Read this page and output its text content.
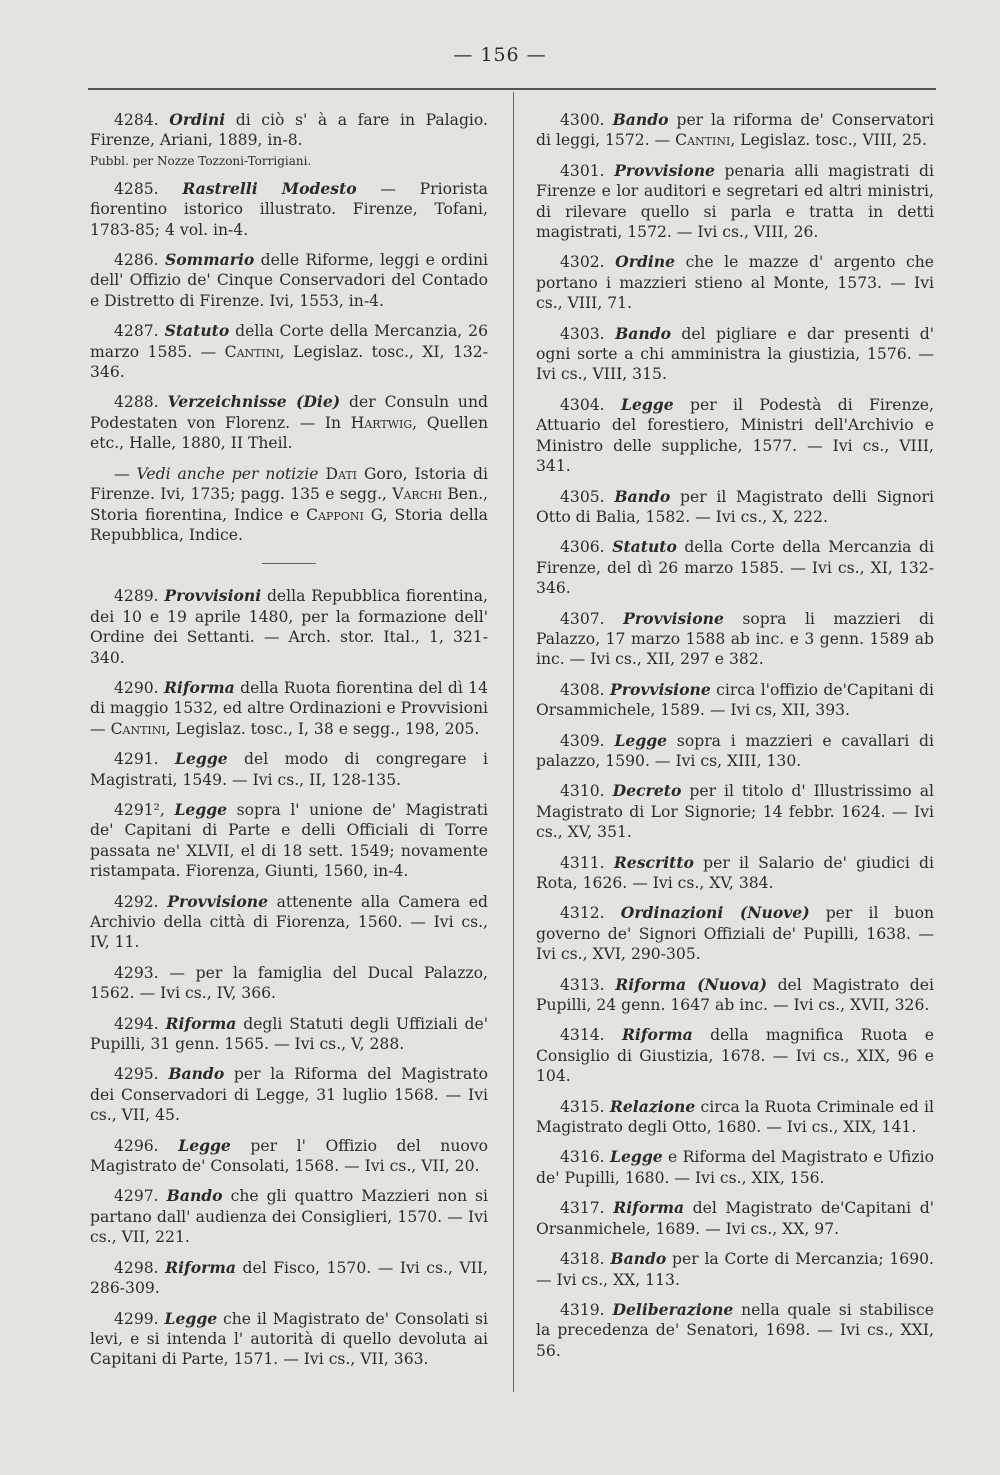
— 156 —

4284. Ordini di ciò s' à a fare in Palagio. Firenze, Ariani, 1889, in-8.

Pubbl. per Nozze Tozzoni-Torrigiani.

4285. Rastrelli Modesto — Priorista fiorentino istorico illustrato. Firenze, Tofani, 1783-85; 4 vol. in-4.

4286. Sommario delle Riforme, leggi e ordini dell' Offizio de' Cinque Conservadori del Contado e Distretto di Firenze. Ivi, 1553, in-4.

4287. Statuto della Corte della Mercanzia, 26 marzo 1585. — Cantini, Legislaz. tosc., XI, 132-346.

4288. Verzeichnisse (Die) der Consuln und Podestaten von Florenz. — In Hartwig, Quellen etc., Halle, 1880, II Theil.

— Vedi anche per notizie Dati Goro, Istoria di Firenze. Ivi, 1735; pagg. 135 e segg., Varchi Ben., Storia fiorentina, Indice e Capponi G, Storia della Repubblica, Indice.

4289. Provvisioni della Repubblica fiorentina, dei 10 e 19 aprile 1480, per la formazione dell' Ordine dei Settanti. — Arch. stor. Ital., 1, 321-340.

4290. Riforma della Ruota fiorentina del dì 14 di maggio 1532, ed altre Ordinazioni e Provvisioni — Cantini, Legislaz. tosc., I, 38 e segg., 198, 205.

4291. Legge del modo di congregare i Magistrati, 1549. — Ivi cs., II, 128-135.

4291², Legge sopra l' unione de' Magistrati de' Capitani di Parte e delli Officiali di Torre passata ne' XLVII, el di 18 sett. 1549; novamente ristampata. Fiorenza, Giunti, 1560, in-4.

4292. Provvisione attenente alla Camera ed Archivio della città di Fiorenza, 1560. — Ivi cs., IV, 11.

4293. — per la famiglia del Ducal Palazzo, 1562. — Ivi cs., IV, 366.

4294. Riforma degli Statuti degli Uffiziali de' Pupilli, 31 genn. 1565. — Ivi cs., V, 288.

4295. Bando per la Riforma del Magistrato dei Conservadori di Legge, 31 luglio 1568. — Ivi cs., VII, 45.

4296. Legge per l' Offizio del nuovo Magistrato de' Consolati, 1568. — Ivi cs., VII, 20.

4297. Bando che gli quattro Mazzieri non si partano dall' audienza dei Consiglieri, 1570. — Ivi cs., VII, 221.

4298. Riforma del Fisco, 1570. — Ivi cs., VII, 286-309.

4299. Legge che il Magistrato de' Consolati si levi, e si intenda l' autorità di quello devoluta ai Capitani di Parte, 1571. — Ivi cs., VII, 363.

4300. Bando per la riforma de' Conservatori di leggi, 1572. — Cantini, Legislaz. tosc., VIII, 25.

4301. Provvisione penaria alli magistrati di Firenze e lor auditori e segretari ed altri ministri, di rilevare quello si parla e tratta in detti magistrati, 1572. — Ivi cs., VIII, 26.

4302. Ordine che le mazze d' argento che portano i mazzieri stieno al Monte, 1573. — Ivi cs., VIII, 71.

4303. Bando del pigliare e dar presenti d' ogni sorte a chi amministra la giustizia, 1576. — Ivi cs., VIII, 315.

4304. Legge per il Podestà di Firenze, Attuario del forestiero, Ministri dell'Archivio e Ministro delle suppliche, 1577. — Ivi cs., VIII, 341.

4305. Bando per il Magistrato delli Signori Otto di Balia, 1582. — Ivi cs., X, 222.

4306. Statuto della Corte della Mercanzia di Firenze, del dì 26 marzo 1585. — Ivi cs., XI, 132-346.

4307. Provvisione sopra li mazzieri di Palazzo, 17 marzo 1588 ab inc. e 3 genn. 1589 ab inc. — Ivi cs., XII, 297 e 382.

4308. Provvisione circa l'offizio de'Capitani di Orsammichele, 1589. — Ivi cs, XII, 393.

4309. Legge sopra i mazzieri e cavallari di palazzo, 1590. — Ivi cs, XIII, 130.

4310. Decreto per il titolo d' Illustrissimo al Magistrato di Lor Signorie; 14 febbr. 1624. — Ivi cs., XV, 351.

4311. Rescritto per il Salario de' giudici di Rota, 1626. — Ivi cs., XV, 384.

4312. Ordinazioni (Nuove) per il buon governo de' Signori Offiziali de' Pupilli, 1638. — Ivi cs., XVI, 290-305.

4313. Riforma (Nuova) del Magistrato dei Pupilli, 24 genn. 1647 ab inc. — Ivi cs., XVII, 326.

4314. Riforma della magnifica Ruota e Consiglio di Giustizia, 1678. — Ivi cs., XIX, 96 e 104.

4315. Relazione circa la Ruota Criminale ed il Magistrato degli Otto, 1680. — Ivi cs., XIX, 141.

4316. Legge e Riforma del Magistrato e Ufizio de' Pupilli, 1680. — Ivi cs., XIX, 156.

4317. Riforma del Magistrato de'Capitani d' Orsanmichele, 1689. — Ivi cs., XX, 97.

4318. Bando per la Corte di Mercanzia; 1690. — Ivi cs., XX, 113.

4319. Deliberazione nella quale si stabilisce la precedenza de' Senatori, 1698. — Ivi cs., XXI, 56.
